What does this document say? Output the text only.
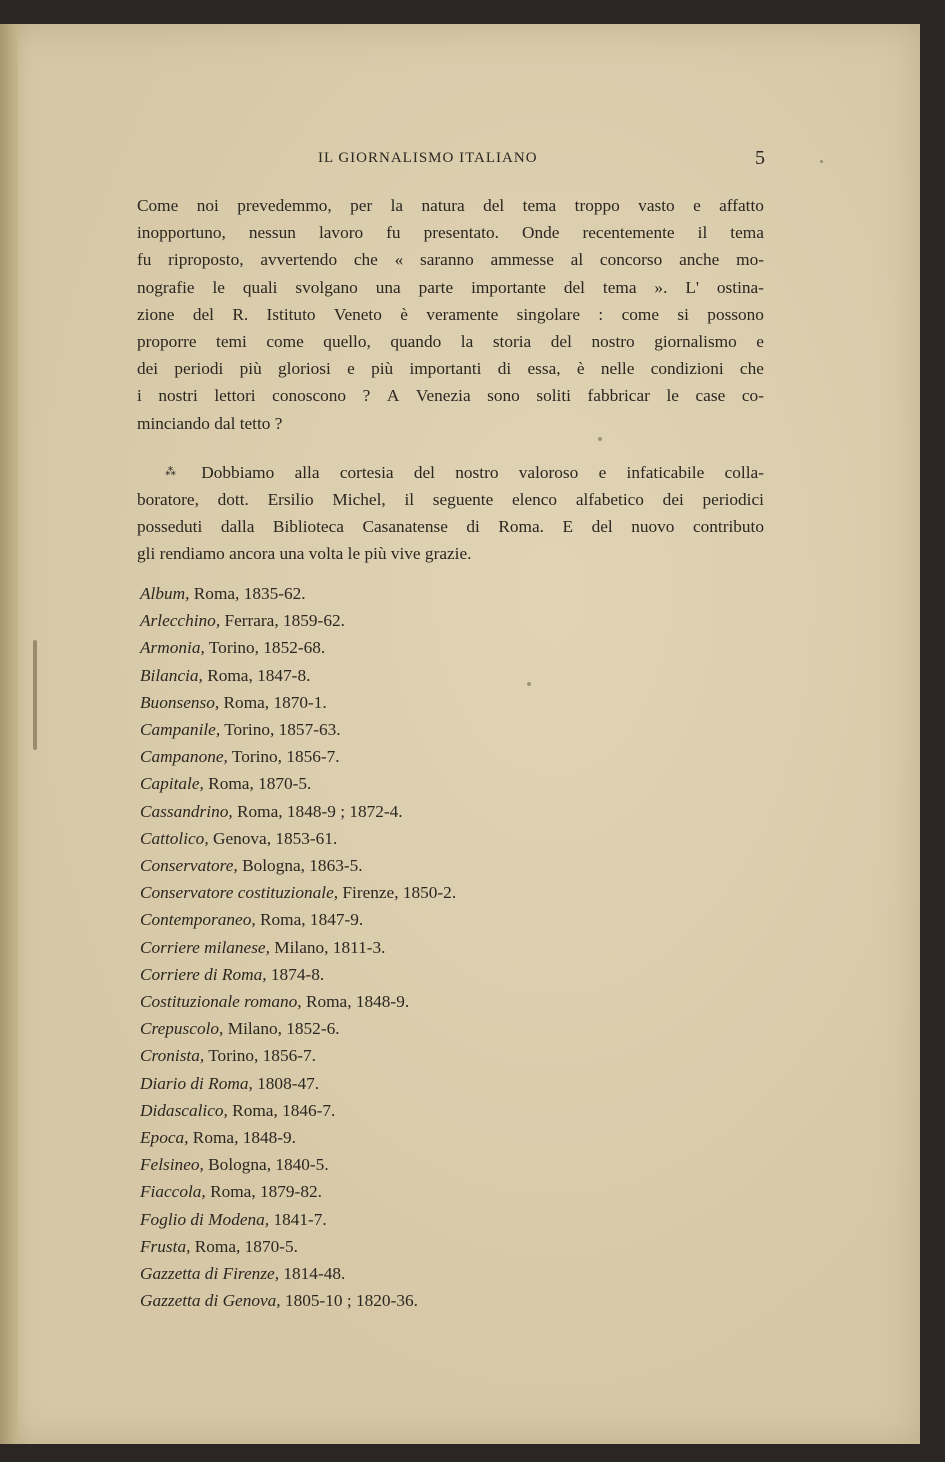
IL GIORNALISMO ITALIANO	5
Come noi prevedemmo, per la natura del tema troppo vasto e affatto
inopportuno, nessun lavoro fu presentato. Onde recentemente il tema
fu riproposto, avvertendo che « saranno ammesse al concorso anche mo-
nografie le quali svolgano una parte importante del tema ». L' ostina-
zione del R. Istituto Veneto è veramente singolare : come si possono
proporre temi come quello, quando la storia del nostro giornalismo e
dei periodi più gloriosi e più importanti di essa, è nelle condizioni che
i nostri lettori conoscono ? A Venezia sono soliti fabbricar le case co-
minciando dal tetto ?
⁂ Dobbiamo alla cortesia del nostro valoroso e infaticabile colla-
boratore, dott. Ersilio Michel, il seguente elenco alfabetico dei periodici
posseduti dalla Biblioteca Casanatense di Roma. E del nuovo contributo
gli rendiamo ancora una volta le più vive grazie.
Album, Roma, 1835-62.
Arlecchino, Ferrara, 1859-62.
Armonia, Torino, 1852-68.
Bilancia, Roma, 1847-8.
Buonsenso, Roma, 1870-1.
Campanile, Torino, 1857-63.
Campanone, Torino, 1856-7.
Capitale, Roma, 1870-5.
Cassandrino, Roma, 1848-9 ; 1872-4.
Cattolico, Genova, 1853-61.
Conservatore, Bologna, 1863-5.
Conservatore costituzionale, Firenze, 1850-2.
Contemporaneo, Roma, 1847-9.
Corriere milanese, Milano, 1811-3.
Corriere di Roma, 1874-8.
Costituzionale romano, Roma, 1848-9.
Crepuscolo, Milano, 1852-6.
Cronista, Torino, 1856-7.
Diario di Roma, 1808-47.
Didascalico, Roma, 1846-7.
Epoca, Roma, 1848-9.
Felsineo, Bologna, 1840-5.
Fiaccola, Roma, 1879-82.
Foglio di Modena, 1841-7.
Frusta, Roma, 1870-5.
Gazzetta di Firenze, 1814-48.
Gazzetta di Genova, 1805-10 ; 1820-36.
